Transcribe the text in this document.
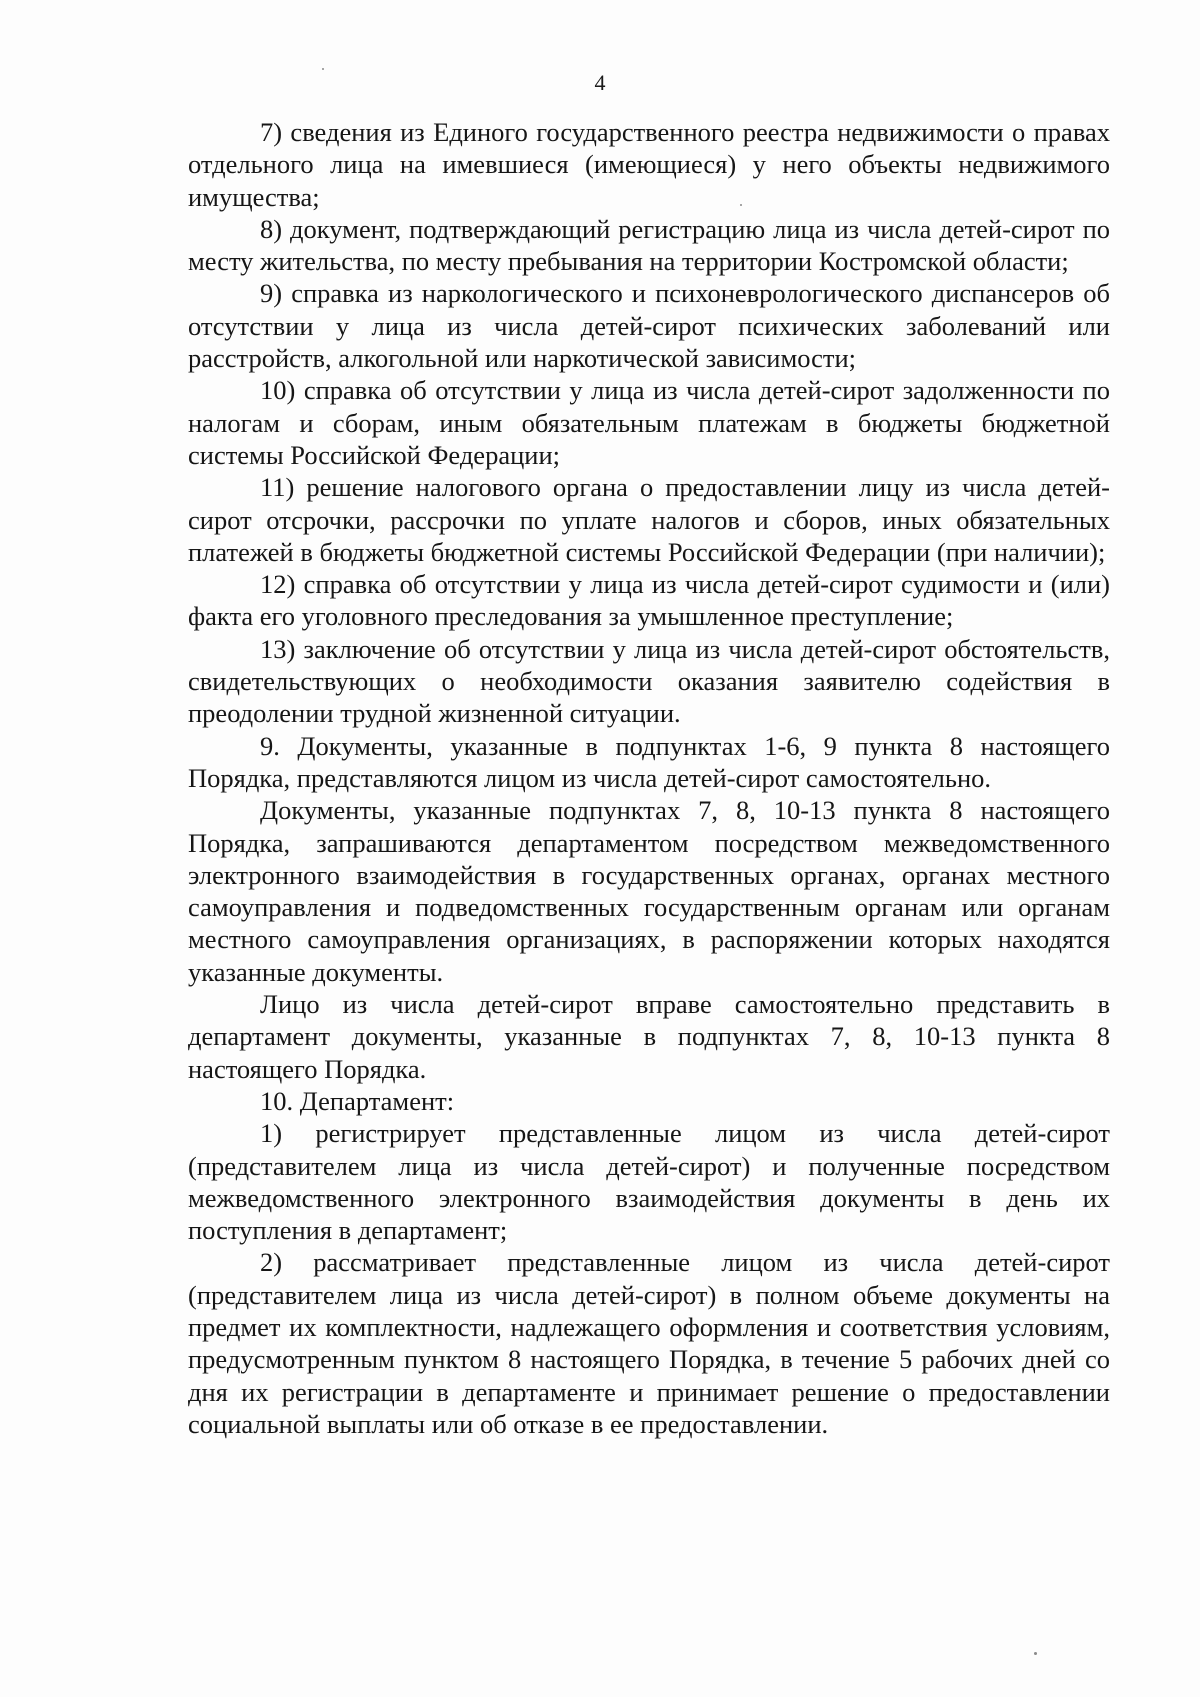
4

7) сведения из Единого государственного реестра недвижимости о правах отдельного лица на имевшиеся (имеющиеся) у него объекты недвижимого имущества;

8) документ, подтверждающий регистрацию лица из числа детей-сирот по месту жительства, по месту пребывания на территории Костромской области;

9) справка из наркологического и психоневрологического диспансеров об отсутствии у лица из числа детей-сирот психических заболеваний или расстройств, алкогольной или наркотической зависимости;

10) справка об отсутствии у лица из числа детей-сирот задолженности по налогам и сборам, иным обязательным платежам в бюджеты бюджетной системы Российской Федерации;

11) решение налогового органа о предоставлении лицу из числа детей-сирот отсрочки, рассрочки по уплате налогов и сборов, иных обязательных платежей в бюджеты бюджетной системы Российской Федерации (при наличии);

12) справка об отсутствии у лица из числа детей-сирот судимости и (или) факта его уголовного преследования за умышленное преступление;

13) заключение об отсутствии у лица из числа детей-сирот обстоятельств, свидетельствующих о необходимости оказания заявителю содействия в преодолении трудной жизненной ситуации.

9. Документы, указанные в подпунктах 1-6, 9 пункта 8 настоящего Порядка, представляются лицом из числа детей-сирот самостоятельно.

Документы, указанные подпунктах 7, 8, 10-13 пункта 8 настоящего Порядка, запрашиваются департаментом посредством межведомственного электронного взаимодействия в государственных органах, органах местного самоуправления и подведомственных государственным органам или органам местного самоуправления организациях, в распоряжении которых находятся указанные документы.

Лицо из числа детей-сирот вправе самостоятельно представить в департамент документы, указанные в подпунктах 7, 8, 10-13 пункта 8 настоящего Порядка.

10. Департамент:

1) регистрирует представленные лицом из числа детей-сирот (представителем лица из числа детей-сирот) и полученные посредством межведомственного электронного взаимодействия документы в день их поступления в департамент;

2) рассматривает представленные лицом из числа детей-сирот (представителем лица из числа детей-сирот) в полном объеме документы на предмет их комплектности, надлежащего оформления и соответствия условиям, предусмотренным пунктом 8 настоящего Порядка, в течение 5 рабочих дней со дня их регистрации в департаменте и принимает решение о предоставлении социальной выплаты или об отказе в ее предоставлении.
